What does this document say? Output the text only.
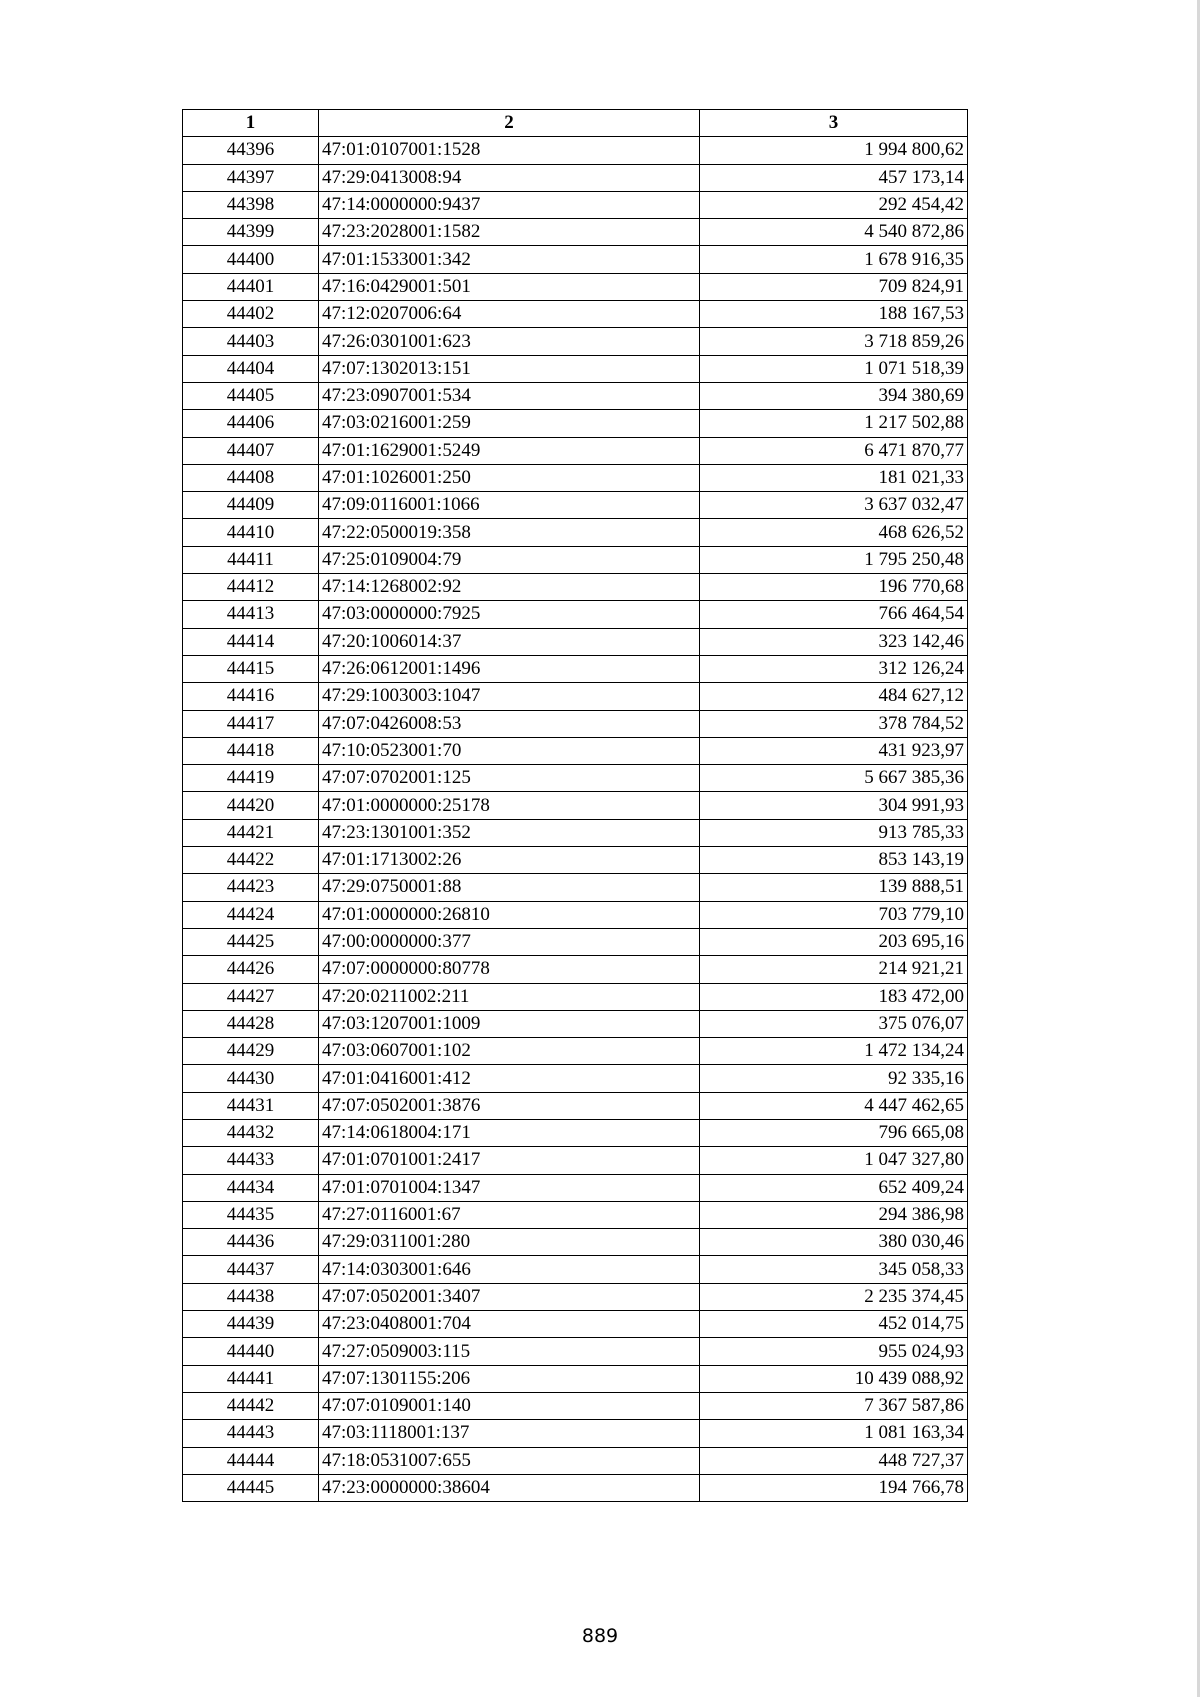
1	2	3
44396	47:01:0107001:1528	1 994 800,62
44397	47:29:0413008:94	457 173,14
44398	47:14:0000000:9437	292 454,42
44399	47:23:2028001:1582	4 540 872,86
44400	47:01:1533001:342	1 678 916,35
44401	47:16:0429001:501	709 824,91
44402	47:12:0207006:64	188 167,53
44403	47:26:0301001:623	3 718 859,26
44404	47:07:1302013:151	1 071 518,39
44405	47:23:0907001:534	394 380,69
44406	47:03:0216001:259	1 217 502,88
44407	47:01:1629001:5249	6 471 870,77
44408	47:01:1026001:250	181 021,33
44409	47:09:0116001:1066	3 637 032,47
44410	47:22:0500019:358	468 626,52
44411	47:25:0109004:79	1 795 250,48
44412	47:14:1268002:92	196 770,68
44413	47:03:0000000:7925	766 464,54
44414	47:20:1006014:37	323 142,46
44415	47:26:0612001:1496	312 126,24
44416	47:29:1003003:1047	484 627,12
44417	47:07:0426008:53	378 784,52
44418	47:10:0523001:70	431 923,97
44419	47:07:0702001:125	5 667 385,36
44420	47:01:0000000:25178	304 991,93
44421	47:23:1301001:352	913 785,33
44422	47:01:1713002:26	853 143,19
44423	47:29:0750001:88	139 888,51
44424	47:01:0000000:26810	703 779,10
44425	47:00:0000000:377	203 695,16
44426	47:07:0000000:80778	214 921,21
44427	47:20:0211002:211	183 472,00
44428	47:03:1207001:1009	375 076,07
44429	47:03:0607001:102	1 472 134,24
44430	47:01:0416001:412	92 335,16
44431	47:07:0502001:3876	4 447 462,65
44432	47:14:0618004:171	796 665,08
44433	47:01:0701001:2417	1 047 327,80
44434	47:01:0701004:1347	652 409,24
44435	47:27:0116001:67	294 386,98
44436	47:29:0311001:280	380 030,46
44437	47:14:0303001:646	345 058,33
44438	47:07:0502001:3407	2 235 374,45
44439	47:23:0408001:704	452 014,75
44440	47:27:0509003:115	955 024,93
44441	47:07:1301155:206	10 439 088,92
44442	47:07:0109001:140	7 367 587,86
44443	47:03:1118001:137	1 081 163,34
44444	47:18:0531007:655	448 727,37
44445	47:23:0000000:38604	194 766,78
889
